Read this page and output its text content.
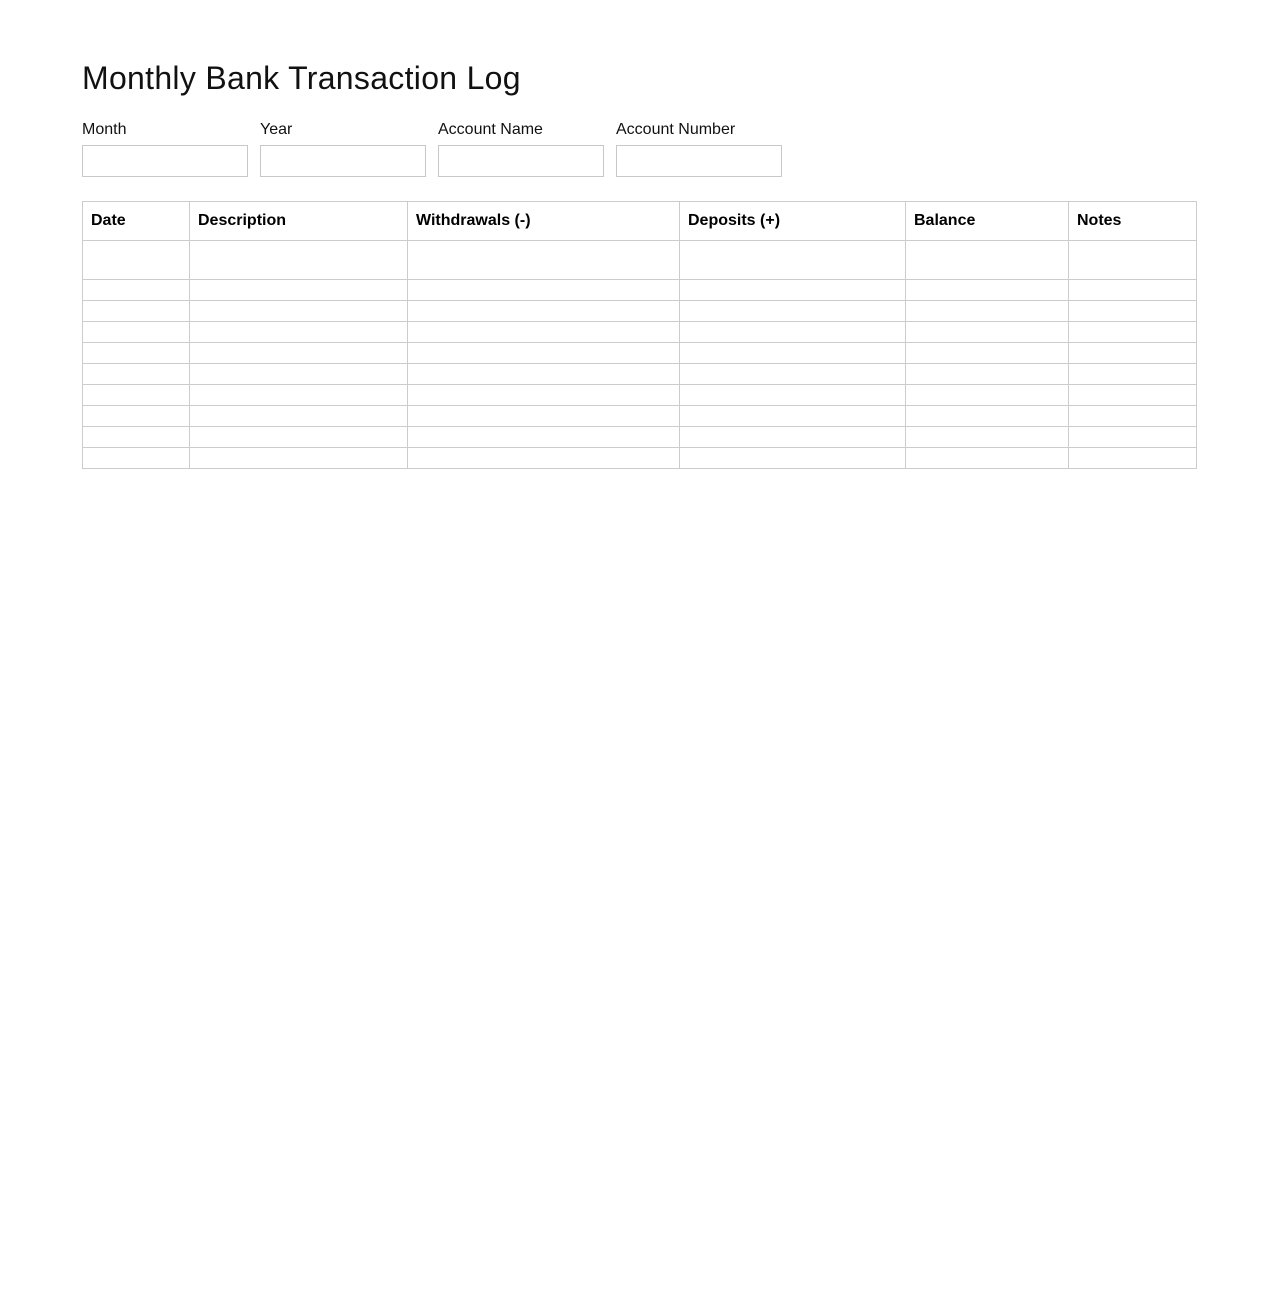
Monthly Bank Transaction Log
Month	Year	Account Name	Account Number
Date	Description	Withdrawals (-)	Deposits (+)	Balance	Notes
